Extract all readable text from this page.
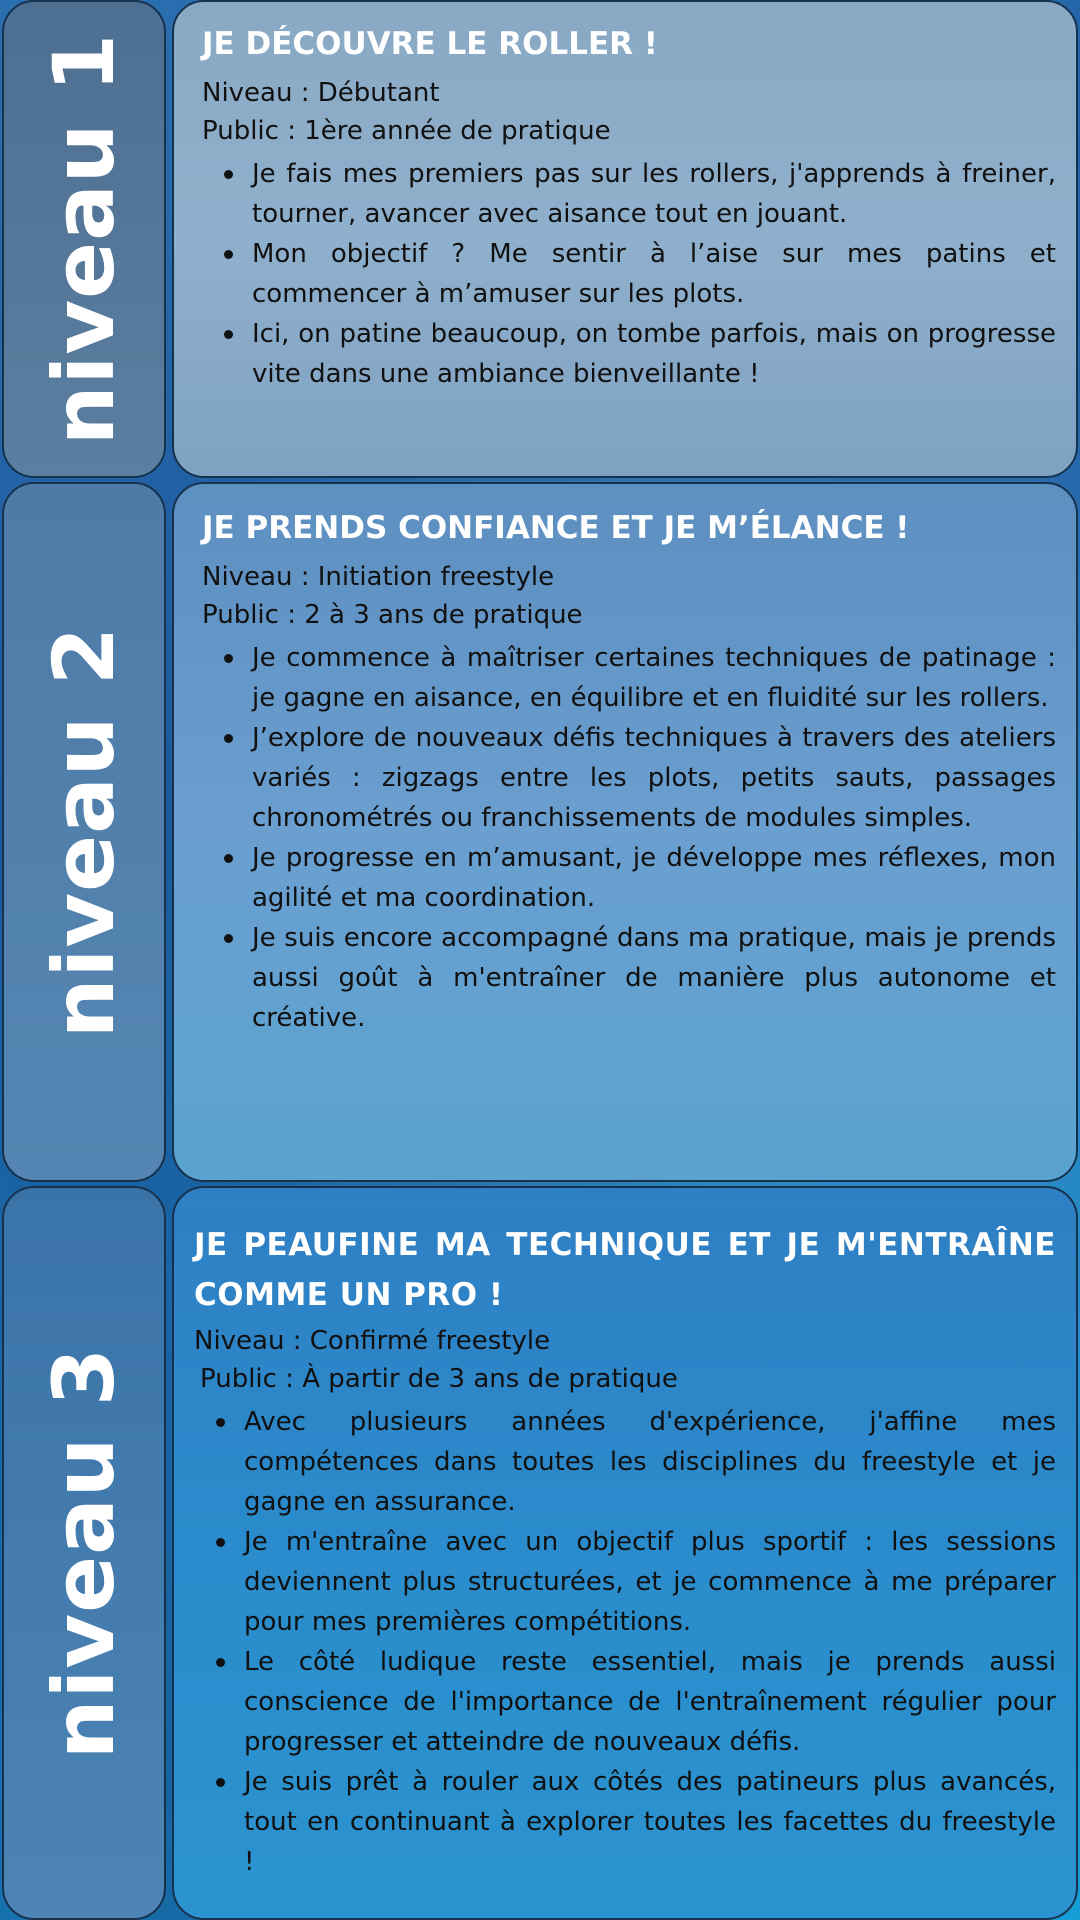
niveau 1 JE DÉCOUVRE LE ROLLER !

Niveau : Débutant

Public : 1ère année de pratique

Je fais mes premiers pas sur les rollers, j'apprends à freiner, tourner, avancer avec aisance tout en jouant.
Mon objectif ? Me sentir à l’aise sur mes patins et commencer à m’amuser sur les plots.
Ici, on patine beaucoup, on tombe parfois, mais on progresse vite dans une ambiance bienveillante !
niveau 2
JE PRENDS CONFIANCE ET JE M’ÉLANCE !

Niveau : Initiation freestyle

Public : 2 à 3 ans de pratique

Je commence à maîtriser certaines techniques de patinage : je gagne en aisance, en équilibre et en fluidité sur les rollers.
J’explore de nouveaux défis techniques à travers des ateliers variés : zigzags entre les plots, petits sauts, passages chronométrés ou franchissements de modules simples.
Je progresse en m’amusant, je développe mes réflexes, mon agilité et ma coordination.
Je suis encore accompagné dans ma pratique, mais je prends aussi goût à m'entraîner de manière plus autonome et créative.
niveau 3
JE PEAUFINE MA TECHNIQUE ET JE M'ENTRAÎNE COMME UN PRO !

Niveau : Confirmé freestyle

Public : À partir de 3 ans de pratique

Avec plusieurs années d'expérience, j'affine mes compétences dans toutes les disciplines du freestyle et je gagne en assurance.
Je m'entraîne avec un objectif plus sportif : les sessions deviennent plus structurées, et je commence à me préparer pour mes premières compétitions.
Le côté ludique reste essentiel, mais je prends aussi conscience de l'importance de l'entraînement régulier pour progresser et atteindre de nouveaux défis.
Je suis prêt à rouler aux côtés des patineurs plus avancés, tout en continuant à explorer toutes les facettes du freestyle !
